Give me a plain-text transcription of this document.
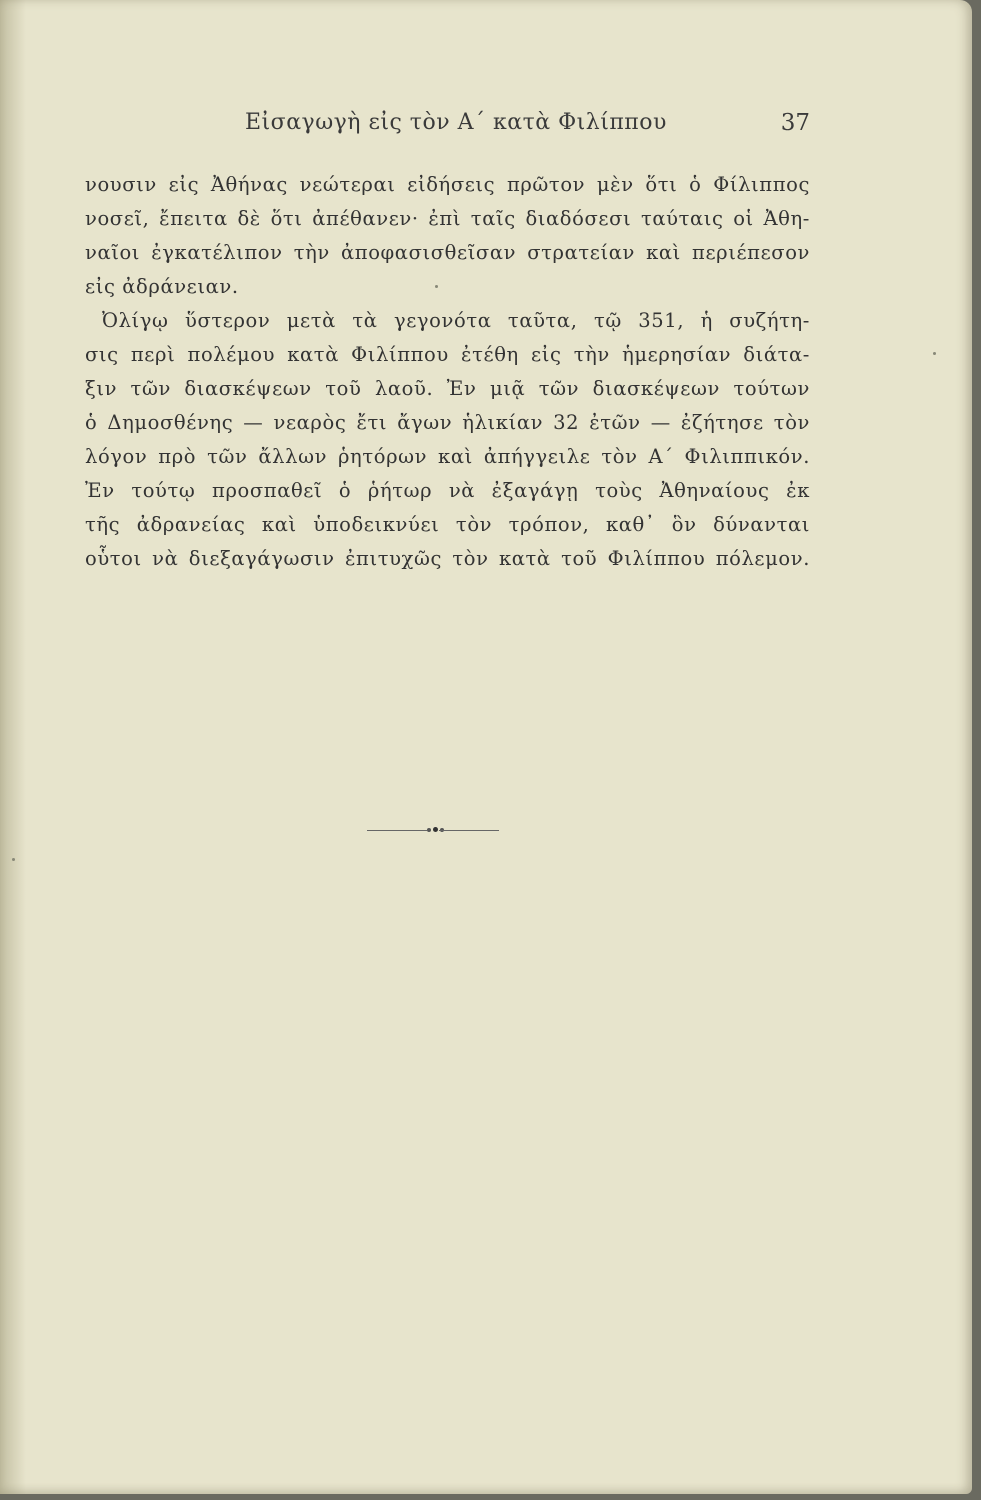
Εἰσαγωγὴ εἰς τὸν Α΄ κατὰ Φιλίππου	37
νουσιν εἰς Ἀθήνας νεώτεραι εἰδήσεις πρῶτον μὲν ὅτι ὁ Φίλιππος
νοσεῖ, ἔπειτα δὲ ὅτι ἀπέθανεν· ἐπὶ ταῖς διαδόσεσι ταύταις οἱ Ἀθη-
ναῖοι ἐγκατέλιπον τὴν ἀποφασισθεῖσαν στρατείαν καὶ περιέπεσον
εἰς ἀδράνειαν.
Ὀλίγῳ ὕστερον μετὰ τὰ γεγονότα ταῦτα, τῷ 351, ἡ συζήτη-
σις περὶ πολέμου κατὰ Φιλίππου ἐτέθη εἰς τὴν ἡμερησίαν διάτα-
ξιν τῶν διασκέψεων τοῦ λαοῦ. Ἐν μιᾷ τῶν διασκέψεων τούτων
ὁ Δημοσθένης — νεαρὸς ἔτι ἄγων ἡλικίαν 32 ἐτῶν — ἐζήτησε τὸν
λόγον πρὸ τῶν ἄλλων ῥητόρων καὶ ἀπήγγειλε τὸν Α΄ Φιλιππικόν.
Ἐν τούτῳ προσπαθεῖ ὁ ῥήτωρ νὰ ἐξαγάγῃ τοὺς Ἀθηναίους ἐκ
τῆς ἀδρανείας καὶ ὑποδεικνύει τὸν τρόπον, καθ᾽ ὃν δύνανται
οὗτοι νὰ διεξαγάγωσιν ἐπιτυχῶς τὸν κατὰ τοῦ Φιλίππου πόλεμον.
